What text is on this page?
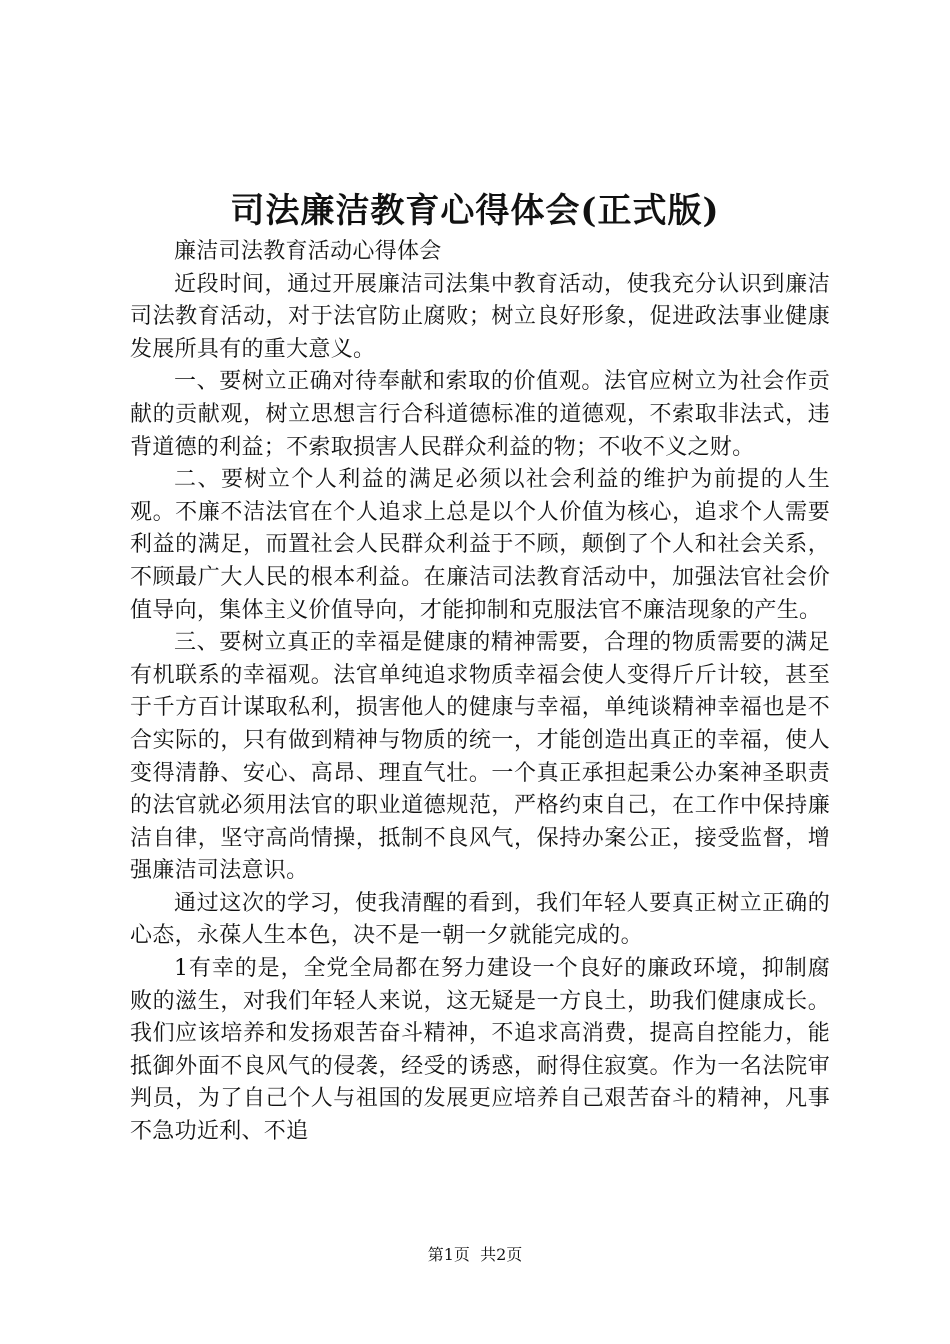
司法廉洁教育心得体会(正式版)

廉洁司法教育活动心得体会

近段时间，通过开展廉洁司法集中教育活动，使我充分认识到廉洁司法教育活动，对于法官防止腐败；树立良好形象，促进政法事业健康发展所具有的重大意义。

一、要树立正确对待奉献和索取的价值观。法官应树立为社会作贡献的贡献观，树立思想言行合科道德标准的道德观，不索取非法式，违背道德的利益；不索取损害人民群众利益的物；不收不义之财。

二、要树立个人利益的满足必须以社会利益的维护为前提的人生观。不廉不洁法官在个人追求上总是以个人价值为核心，追求个人需要利益的满足，而置社会人民群众利益于不顾，颠倒了个人和社会关系，不顾最广大人民的根本利益。在廉洁司法教育活动中，加强法官社会价值导向，集体主义价值导向，才能抑制和克服法官不廉洁现象的产生。

三、要树立真正的幸福是健康的精神需要，合理的物质需要的满足有机联系的幸福观。法官单纯追求物质幸福会使人变得斤斤计较，甚至于千方百计谋取私利，损害他人的健康与幸福，单纯谈精神幸福也是不合实际的，只有做到精神与物质的统一，才能创造出真正的幸福，使人变得清静、安心、高昂、理直气壮。一个真正承担起秉公办案神圣职责的法官就必须用法官的职业道德规范，严格约束自己，在工作中保持廉洁自律，坚守高尚情操，抵制不良风气，保持办案公正，接受监督，增强廉洁司法意识。

通过这次的学习，使我清醒的看到，我们年轻人要真正树立正确的心态，永葆人生本色，决不是一朝一夕就能完成的。

1有幸的是，全党全局都在努力建设一个良好的廉政环境，抑制腐败的滋生，对我们年轻人来说，这无疑是一方良土，助我们健康成长。我们应该培养和发扬艰苦奋斗精神，不追求高消费，提高自控能力，能抵御外面不良风气的侵袭，经受的诱惑，耐得住寂寞。作为一名法院审判员，为了自己个人与祖国的发展更应培养自己艰苦奋斗的精神，凡事不急功近利、不追

第1页  共2页
